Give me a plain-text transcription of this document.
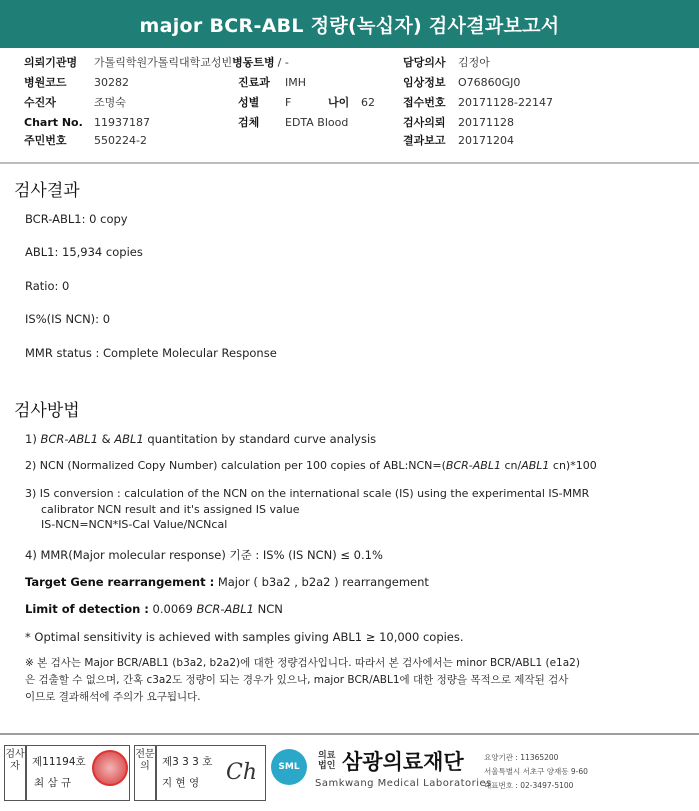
major BCR-ABL 정량(녹십자) 검사결과보고서
의뢰기관명 가톨릭학원가톨릭대학교성빈병동트병 / -	담당의사 김정아
병원코드 30282	진료과 IMH	임상정보 O76860GJ0
수진자	조명숙	성별 F	나이 62	접수번호 20171128-22147
Chart No. 11937187	검체 EDTA Blood	검사의뢰 20171128
주민번호 550224-2	결과보고 20171204
검사결과
BCR-ABL1: 0 copy
ABL1: 15,934 copies
Ratio: 0
IS%(IS NCN): 0
MMR status : Complete Molecular Response
검사방법
1) BCR-ABL1 & ABL1 quantitation by standard curve analysis
2) NCN (Normalized Copy Number) calculation per 100 copies of ABL:NCN=(BCR-ABL1 cn/ABL1 cn)*100
3) IS conversion : calculation of the NCN on the international scale (IS) using the experimental IS-MMR
calibrator NCN result and it's assigned IS value
IS-NCN=NCN*IS-Cal Value/NCNcal
4) MMR(Major molecular response) 기준 : IS% (IS NCN) ≤ 0.1%
Target Gene rearrangement : Major ( b3a2 , b2a2 ) rearrangement
Limit of detection : 0.0069 BCR-ABL1 NCN
* Optimal sensitivity is achieved with samples giving ABL1 ≥ 10,000 copies.
※ 본 검사는 Major BCR/ABL1 (b3a2, b2a2)에 대한 정량검사입니다. 따라서 본 검사에서는 minor BCR/ABL1 (e1a2)
은 검출할 수 없으며, 간혹 c3a2도 정량이 되는 경우가 있으나, major BCR/ABL1에 대한 정량을 목적으로 제작된 검사
이므로 결과해석에 주의가 요구됩니다.
검사자	제11194호
최 삼 규
전문의	제3 3 3 호
지 현 영 Ch	SML
의료법인 삼광의료재단
Samkwang Medical Laboratories
요양기관 : 11365200
서울특별시 서초구 양재동 9-60
대표번호 : 02-3497-5100
